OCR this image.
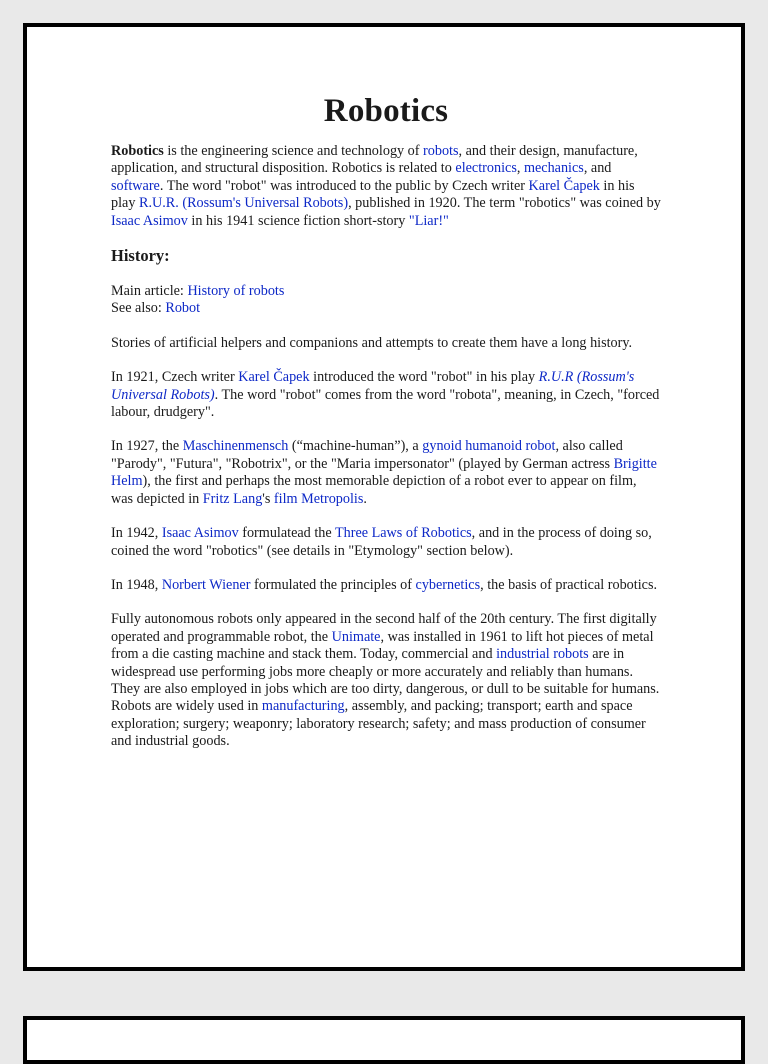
Robotics

Robotics is the engineering science and technology of robots, and their design, manufacture, application, and structural disposition. Robotics is related to electronics, mechanics, and software. The word "robot" was introduced to the public by Czech writer Karel Čapek in his play R.U.R. (Rossum's Universal Robots), published in 1920. The term "robotics" was coined by Isaac Asimov in his 1941 science fiction short-story "Liar!"

History:

Main article: History of robots

See also: Robot

Stories of artificial helpers and companions and attempts to create them have a long history.

In 1921, Czech writer Karel Čapek introduced the word "robot" in his play R.U.R (Rossum's Universal Robots). The word "robot" comes from the word "robota", meaning, in Czech, "forced labour, drudgery".

In 1927, the Maschinenmensch (“machine-human”), a gynoid humanoid robot, also called "Parody", "Futura", "Robotrix", or the "Maria impersonator" (played by German actress Brigitte Helm), the first and perhaps the most memorable depiction of a robot ever to appear on film, was depicted in Fritz Lang's film Metropolis.

In 1942, Isaac Asimov formulatead the Three Laws of Robotics, and in the process of doing so, coined the word "robotics" (see details in "Etymology" section below).

In 1948, Norbert Wiener formulated the principles of cybernetics, the basis of practical robotics.

Fully autonomous robots only appeared in the second half of the 20th century. The first digitally operated and programmable robot, the Unimate, was installed in 1961 to lift hot pieces of metal from a die casting machine and stack them. Today, commercial and industrial robots are in widespread use performing jobs more cheaply or more accurately and reliably than humans. They are also employed in jobs which are too dirty, dangerous, or dull to be suitable for humans. Robots are widely used in manufacturing, assembly, and packing; transport; earth and space exploration; surgery; weaponry; laboratory research; safety; and mass production of consumer and industrial goods.
